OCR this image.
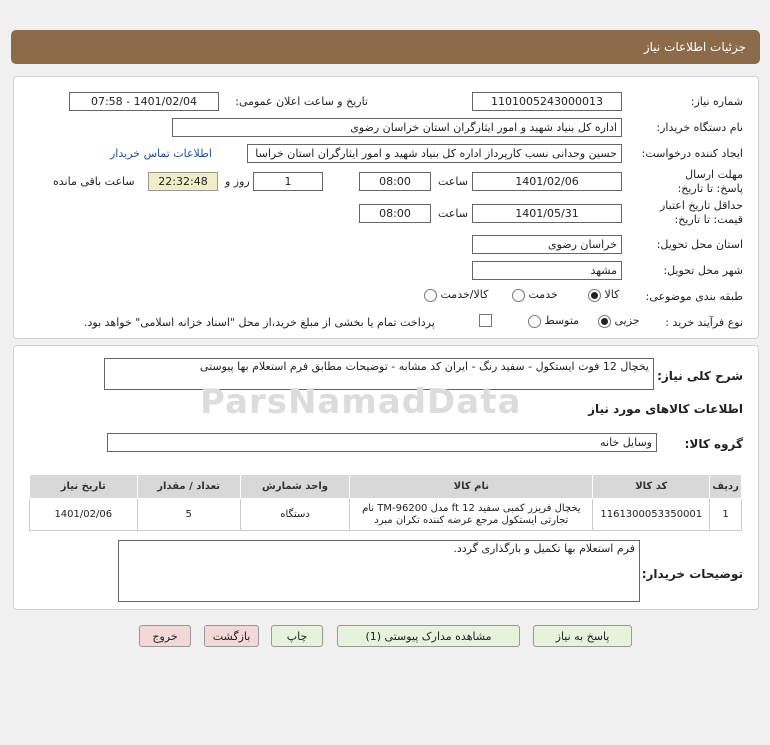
جزئیات اطلاعات نیاز
شماره نیاز:
1101005243000013
تاریخ و ساعت اعلان عمومی:
1401/02/04 - 07:58
نام دستگاه خریدار:
اداره کل بنیاد شهید و امور ایثارگران استان خراسان رضوی
ایجاد کننده درخواست:
حسین وحدانی نسب کارپرداز اداره کل بنیاد شهید و امور ایثارگران استان خراسا
اطلاعات تماس خریدار
مهلت ارسال پاسخ: تا تاریخ:
1401/02/06
ساعت
08:00
1
روز و
22:32:48
ساعت باقی مانده
حداقل تاریخ اعتبار قیمت: تا تاریخ:
1401/05/31
ساعت
08:00
استان محل تحویل:
خراسان رضوی
شهر محل تحویل:
مشهد
طبقه بندی موضوعی:
کالا
خدمت
کالا/خدمت
نوع فرآیند خرید :
جزیی
متوسط
پرداخت تمام یا بخشی از مبلغ خرید،از محل "اسناد خزانه اسلامی" خواهد بود.
شرح کلی نیاز:
یخچال 12 فوت ایستکول - سفید رنگ - ایران کد مشابه - توضیحات مطابق فرم استعلام بها پیوستی
ParsNamadData	اطلاعات کالاهای مورد نیاز
گروه کالا:
وسایل خانه
ردیف	کد کالا	نام کالا	واحد شمارش	تعداد / مقدار	تاریخ نیاز
1	1161300053350001	یخچال فریزر کمبی سفید 12 ft مدل TM-96200 نام تجارتی ایستکول مرجع عرضه کننده تکران مبرد	دستگاه	5	1401/02/06
توضیحات خریدار:
فرم استعلام بها تکمیل و بارگذاری گردد.
پاسخ به نیاز
مشاهده مدارک پیوستی (1)
چاپ
بازگشت
خروج
